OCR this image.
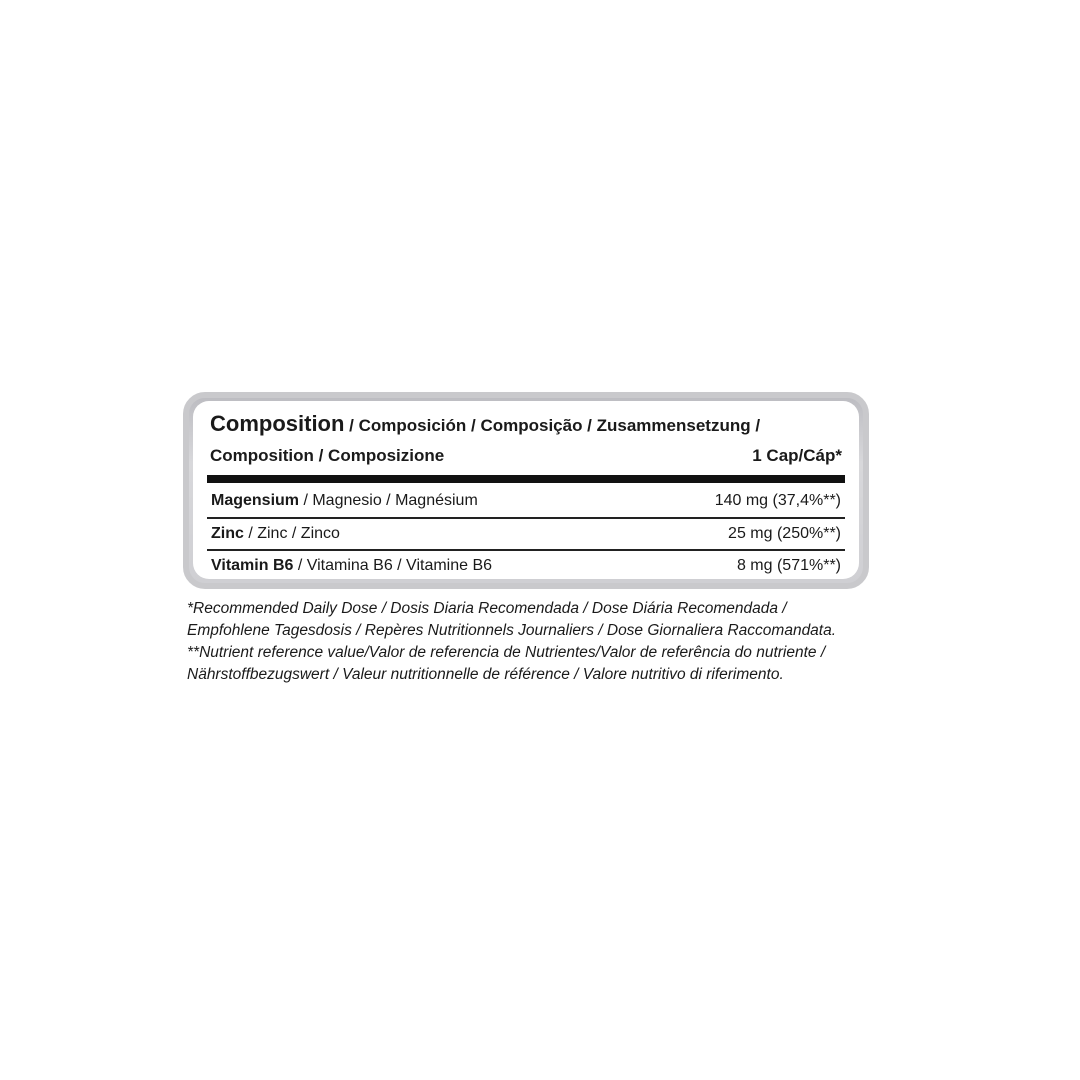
Composition / Composición / Composição / Zusammensetzung /
Composition / Composizione	1 Cap/Cáp*
Magensium / Magnesio / Magnésium	140 mg (37,4%**)
Zinc / Zinc / Zinco	25 mg (250%**)
Vitamin B6 / Vitamina B6 / Vitamine B6	8 mg (571%**)
*Recommended Daily Dose / Dosis Diaria Recomendada / Dose Diária Recomendada /
Empfohlene Tagesdosis / Repères Nutritionnels Journaliers / Dose Giornaliera Raccomandata.
**Nutrient reference value/Valor de referencia de Nutrientes/Valor de referência do nutriente /
Nährstoffbezugswert / Valeur nutritionnelle de référence / Valore nutritivo di riferimento.
